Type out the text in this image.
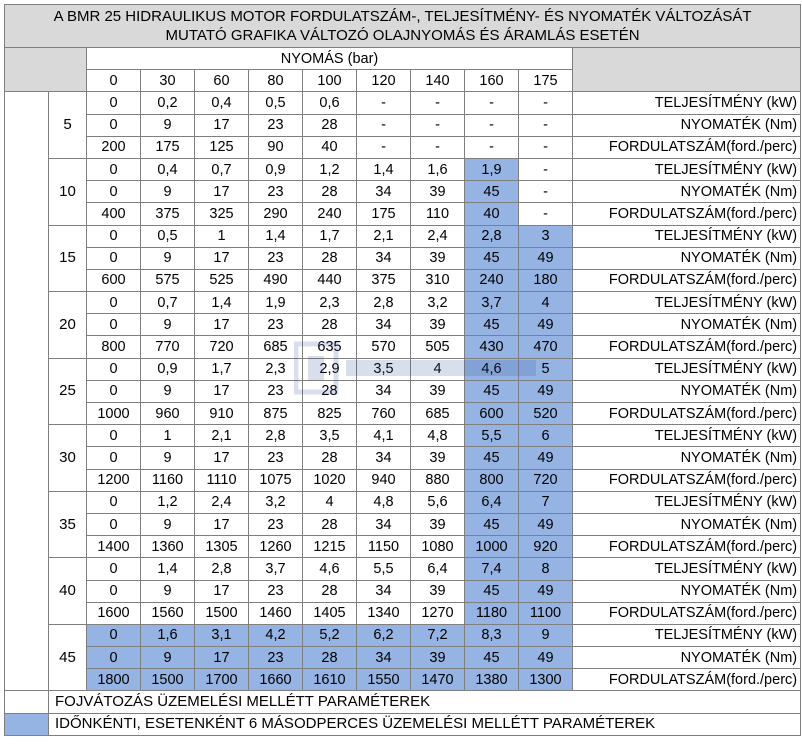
A BMR 25 HIDRAULIKUS MOTOR FORDULATSZÁM-, TELJESÍTMÉNY- ÉS NYOMATÉK VÁLTOZÁSÁT
MUTATÓ GRAFIKA VÁLTOZÓ OLAJNYOMÁS ÉS ÁRAMLÁS ESETÉN											

		NYOMÁS (bar)									
		0	30	60	80	100	120	140	160	175	
	5	0	0,2	0,4	0,5	0,6	-	-	-	-	TELJESÍTMÉNY (kW)
		0	9	17	23	28	-	-	-	-	NYOMATÉK (Nm)
		200	175	125	90	40	-	-	-	-	FORDULATSZÁM(ford./perc)
	10	0	0,4	0,7	0,9	1,2	1,4	1,6	1,9	-	TELJESÍTMÉNY (kW)
		0	9	17	23	28	34	39	45	-	NYOMATÉK (Nm)
		400	375	325	290	240	175	110	40	-	FORDULATSZÁM(ford./perc)
	15	0	0,5	1	1,4	1,7	2,1	2,4	2,8	3	TELJESÍTMÉNY (kW)
		0	9	17	23	28	34	39	45	49	NYOMATÉK (Nm)
		600	575	525	490	440	375	310	240	180	FORDULATSZÁM(ford./perc)
	20	0	0,7	1,4	1,9	2,3	2,8	3,2	3,7	4	TELJESÍTMÉNY (kW)
		0	9	17	23	28	34	39	45	49	NYOMATÉK (Nm)
		800	770	720	685	635	570	505	430	470	FORDULATSZÁM(ford./perc)
	25	0	0,9	1,7	2,3	2,9	3,5	4	4,6	5	TELJESÍTMÉNY (kW)
		0	9	17	23	28	34	39	45	49	NYOMATÉK (Nm)
		1000	960	910	875	825	760	685	600	520	FORDULATSZÁM(ford./perc)
	30	0	1	2,1	2,8	3,5	4,1	4,8	5,5	6	TELJESÍTMÉNY (kW)
		0	9	17	23	28	34	39	45	49	NYOMATÉK (Nm)
		1200	1160	1110	1075	1020	940	880	800	720	FORDULATSZÁM(ford./perc)
	35	0	1,2	2,4	3,2	4	4,8	5,6	6,4	7	TELJESÍTMÉNY (kW)
		0	9	17	23	28	34	39	45	49	NYOMATÉK (Nm)
		1400	1360	1305	1260	1215	1150	1080	1000	920	FORDULATSZÁM(ford./perc)
	40	0	1,4	2,8	3,7	4,6	5,5	6,4	7,4	8	TELJESÍTMÉNY (kW)
		0	9	17	23	28	34	39	45	49	NYOMATÉK (Nm)
		1600	1560	1500	1460	1405	1340	1270	1180	1100	FORDULATSZÁM(ford./perc)
	45	0	1,6	3,1	4,2	5,2	6,2	7,2	8,3	9	TELJESÍTMÉNY (kW)
		0	9	17	23	28	34	39	45	49	NYOMATÉK (Nm)
		1800	1500	1700	1660	1610	1550	1470	1380	1300	FORDULATSZÁM(ford./perc)
	FOJVÁTOZÁS ÜZEMELÉSI MELLÉTT PARAMÉTEREK										
	IDŐNKÉNTI, ESETENKÉNT 6 MÁSODPERCES ÜZEMELÉSI MELLÉTT PARAMÉTEREK										
